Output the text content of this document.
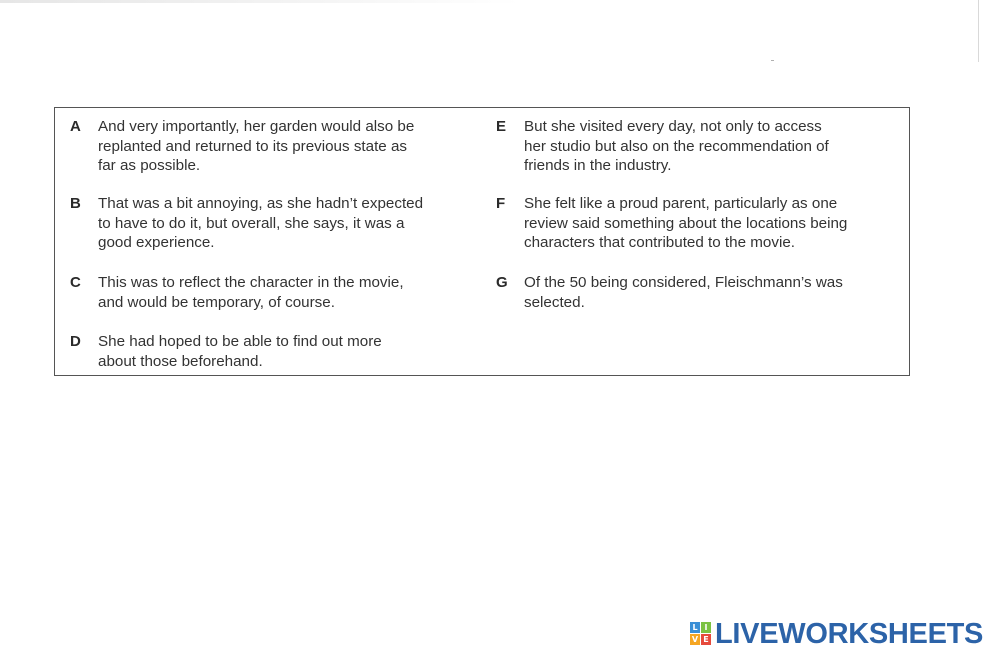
A	And very importantly, her garden would also be
replanted and returned to its previous state as
far as possible.
B	That was a bit annoying, as she hadn’t expected
to have to do it, but overall, she says, it was a
good experience.
C	This was to reflect the character in the movie,
and would be temporary, of course.
D	She had hoped to be able to find out more
about those beforehand.
E	But she visited every day, not only to access
her studio but also on the recommendation of
friends in the industry.
F	She felt like a proud parent, particularly as one
review said something about the locations being
characters that contributed to the movie.
G	Of the 50 being considered, Fleischmann’s was
selected.
L I
V E LIVEWORKSHEETS
